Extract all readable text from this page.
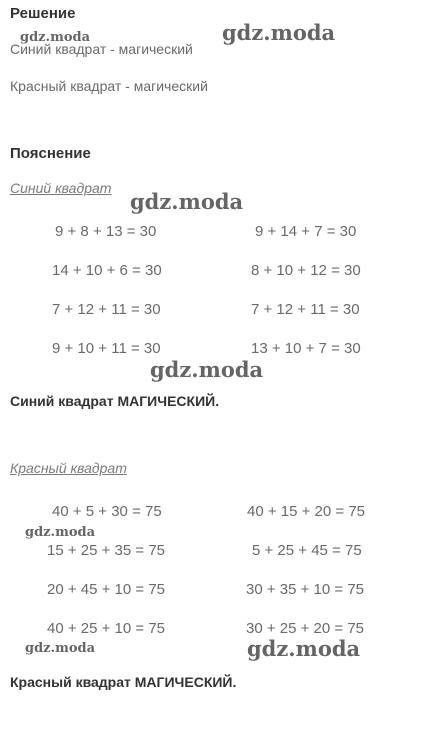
Решение
Синий квадрат - магический
Красный квадрат - магический
Пояснение
Синий квадрат
9 + 8 + 13 = 30	9 + 14 + 7 = 30
14 + 10 + 6 = 30	8 + 10 + 12 = 30
7 + 12 + 11 = 30	7 + 12 + 11 = 30
9 + 10 + 11 = 30	13 + 10 + 7 = 30
Синий квадрат МАГИЧЕСКИЙ.
Красный квадрат
40 + 5 + 30 = 75	40 + 15 + 20 = 75
15 + 25 + 35 = 75	5 + 25 + 45 = 75
20 + 45 + 10 = 75	30 + 35 + 10 = 75
40 + 25 + 10 = 75	30 + 25 + 20 = 75
Красный квадрат МАГИЧЕСКИЙ.
gdz.moda	gdz.moda
gdz.moda
gdz.moda
gdz.moda
gdz.moda	gdz.moda
